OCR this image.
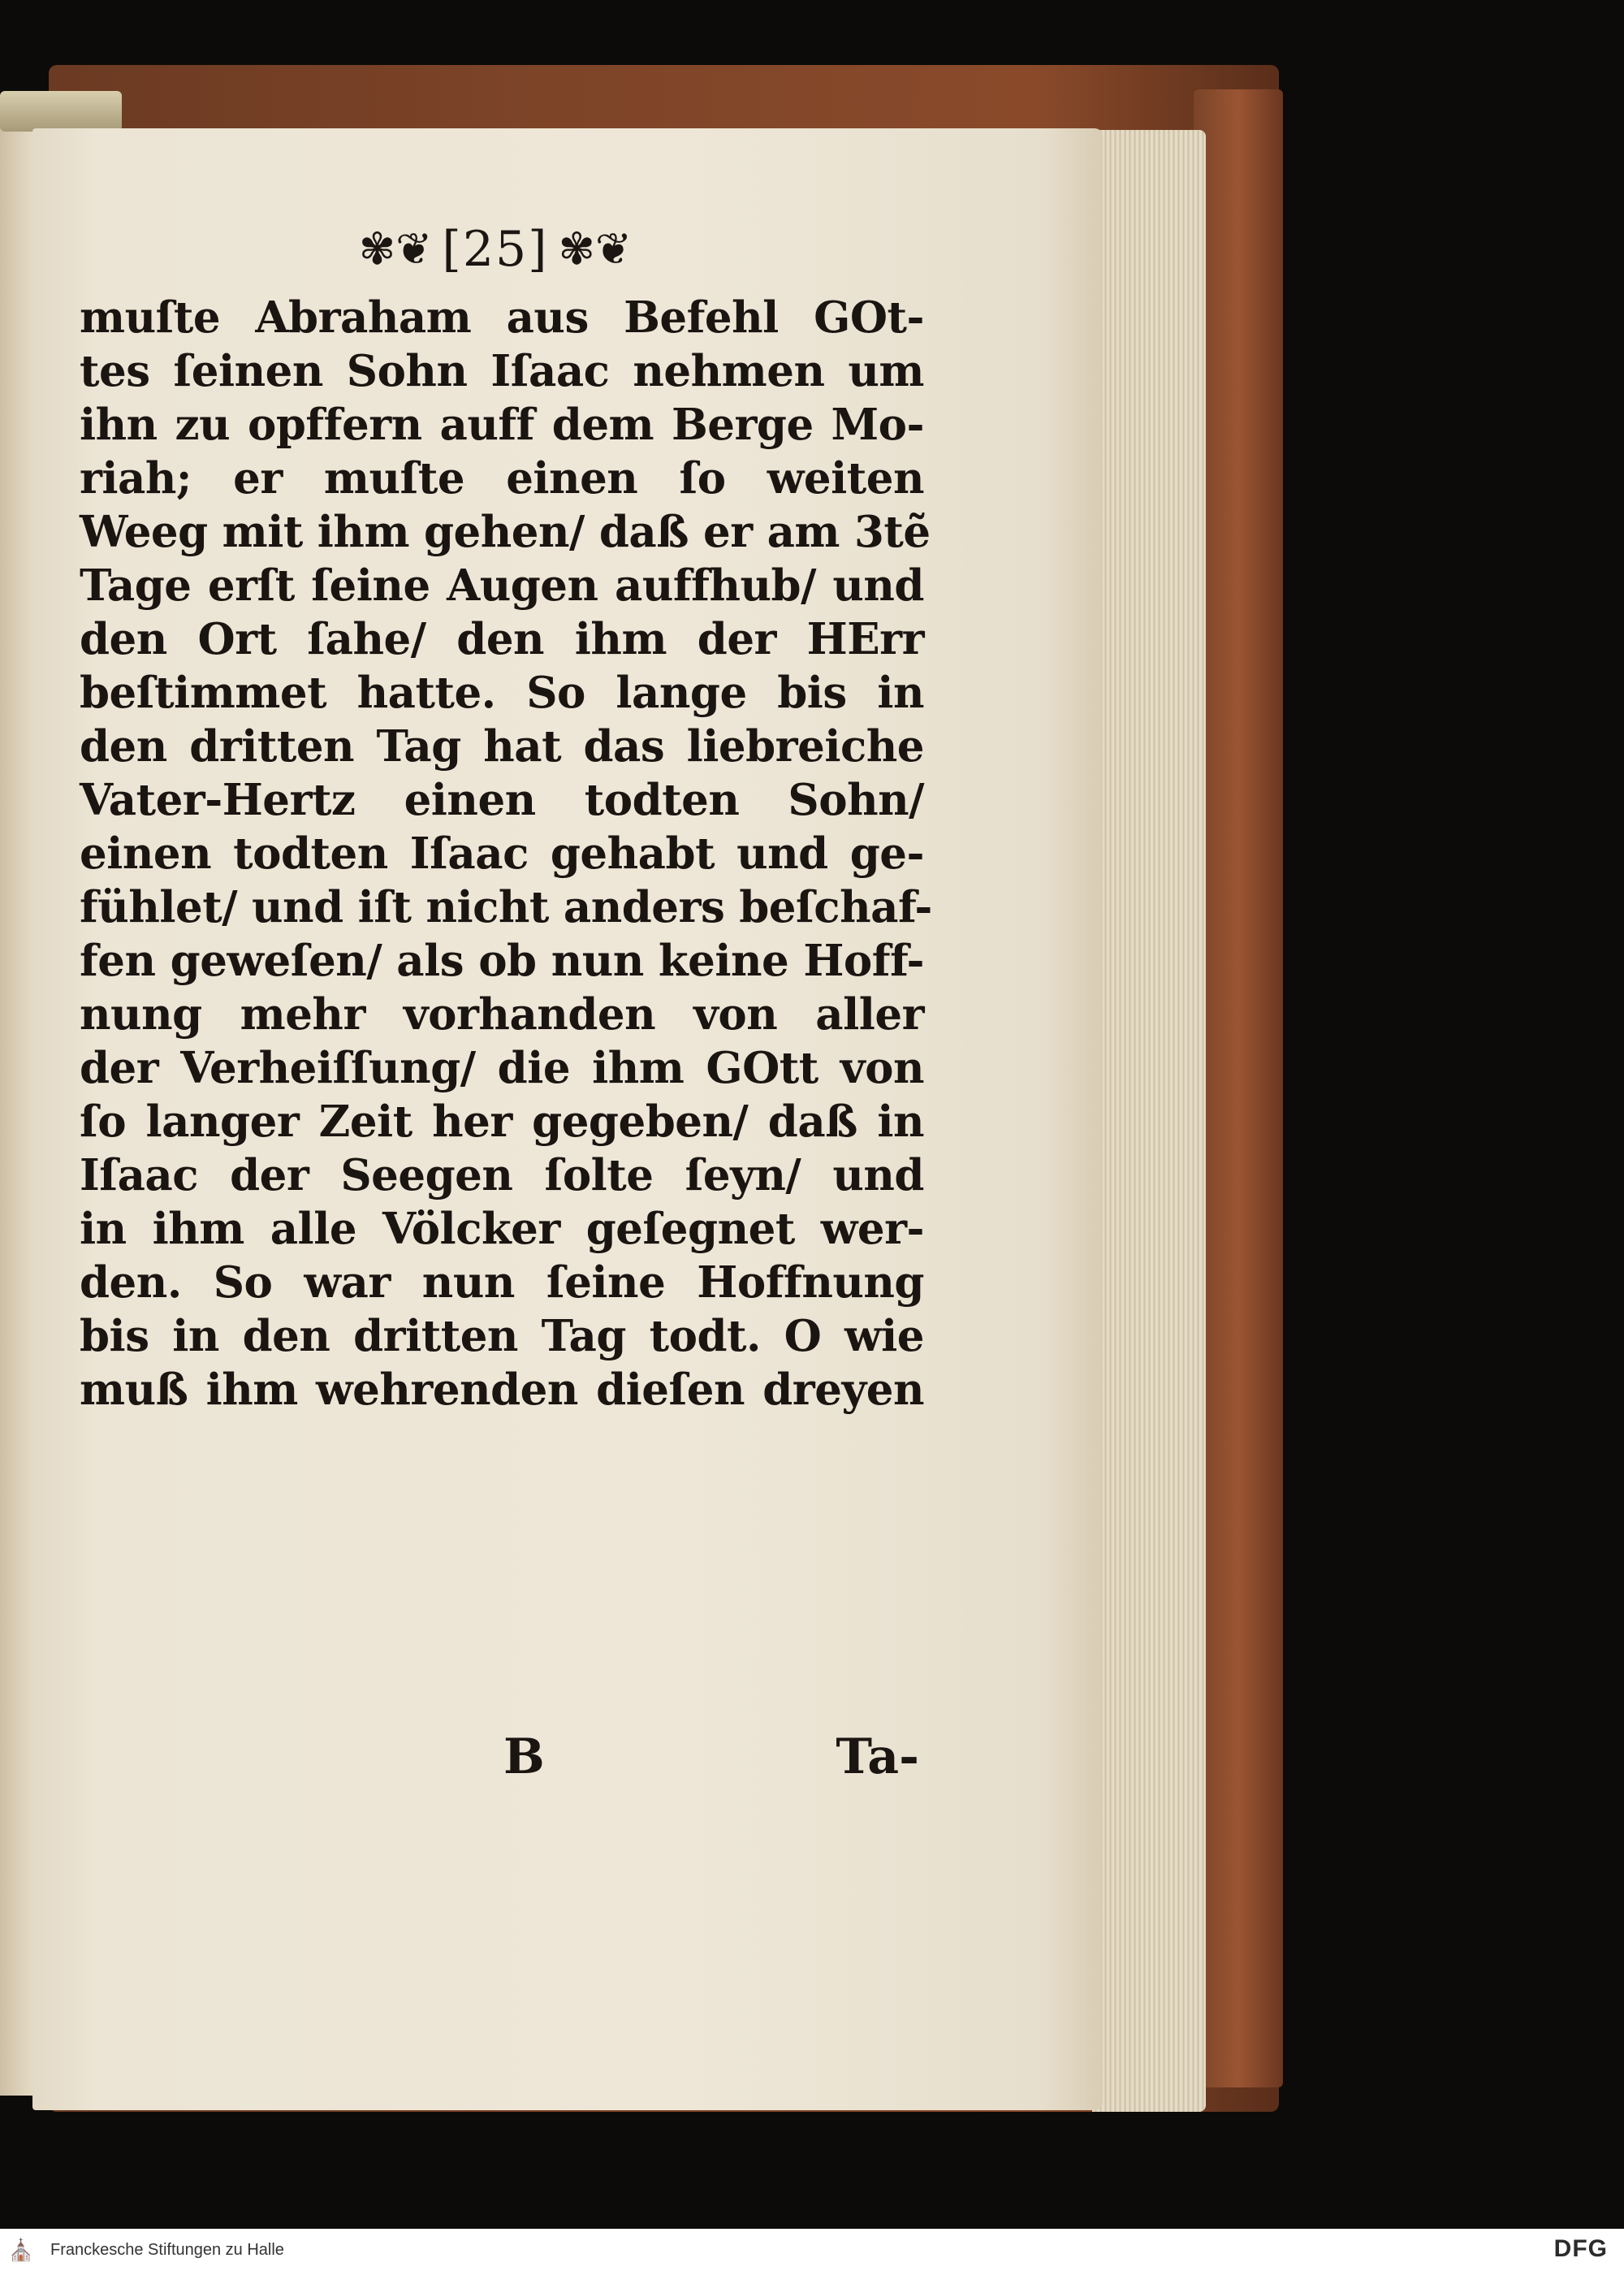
✾❦ [25] ✾❦
muſte Abraham aus Befehl GOt-
tes ſeinen Sohn Iſaac nehmen um
ihn zu opffern auff dem Berge Mo-
riah; er muſte einen ſo weiten
Weeg mit ihm gehen/ daß er am 3tẽ
Tage erſt ſeine Augen auffhub/ und
den Ort ſahe/ den ihm der HErr
beſtimmet hatte. So lange bis in
den dritten Tag hat das liebreiche
Vater-Hertz einen todten Sohn/
einen todten Iſaac gehabt und ge-
fühlet/ und iſt nicht anders beſchaf-
fen geweſen/ als ob nun keine Hoff-
nung mehr vorhanden von aller
der Verheiſſung/ die ihm GOtt von
ſo langer Zeit her gegeben/ daß in
Iſaac der Seegen ſolte ſeyn/ und
in ihm alle Völcker geſegnet wer-
den. So war nun ſeine Hoffnung
bis in den dritten Tag todt. O wie
muß ihm wehrenden dieſen dreyen
B	Ta-
⛪ Franckesche Stiftungen zu Halle	DFG
